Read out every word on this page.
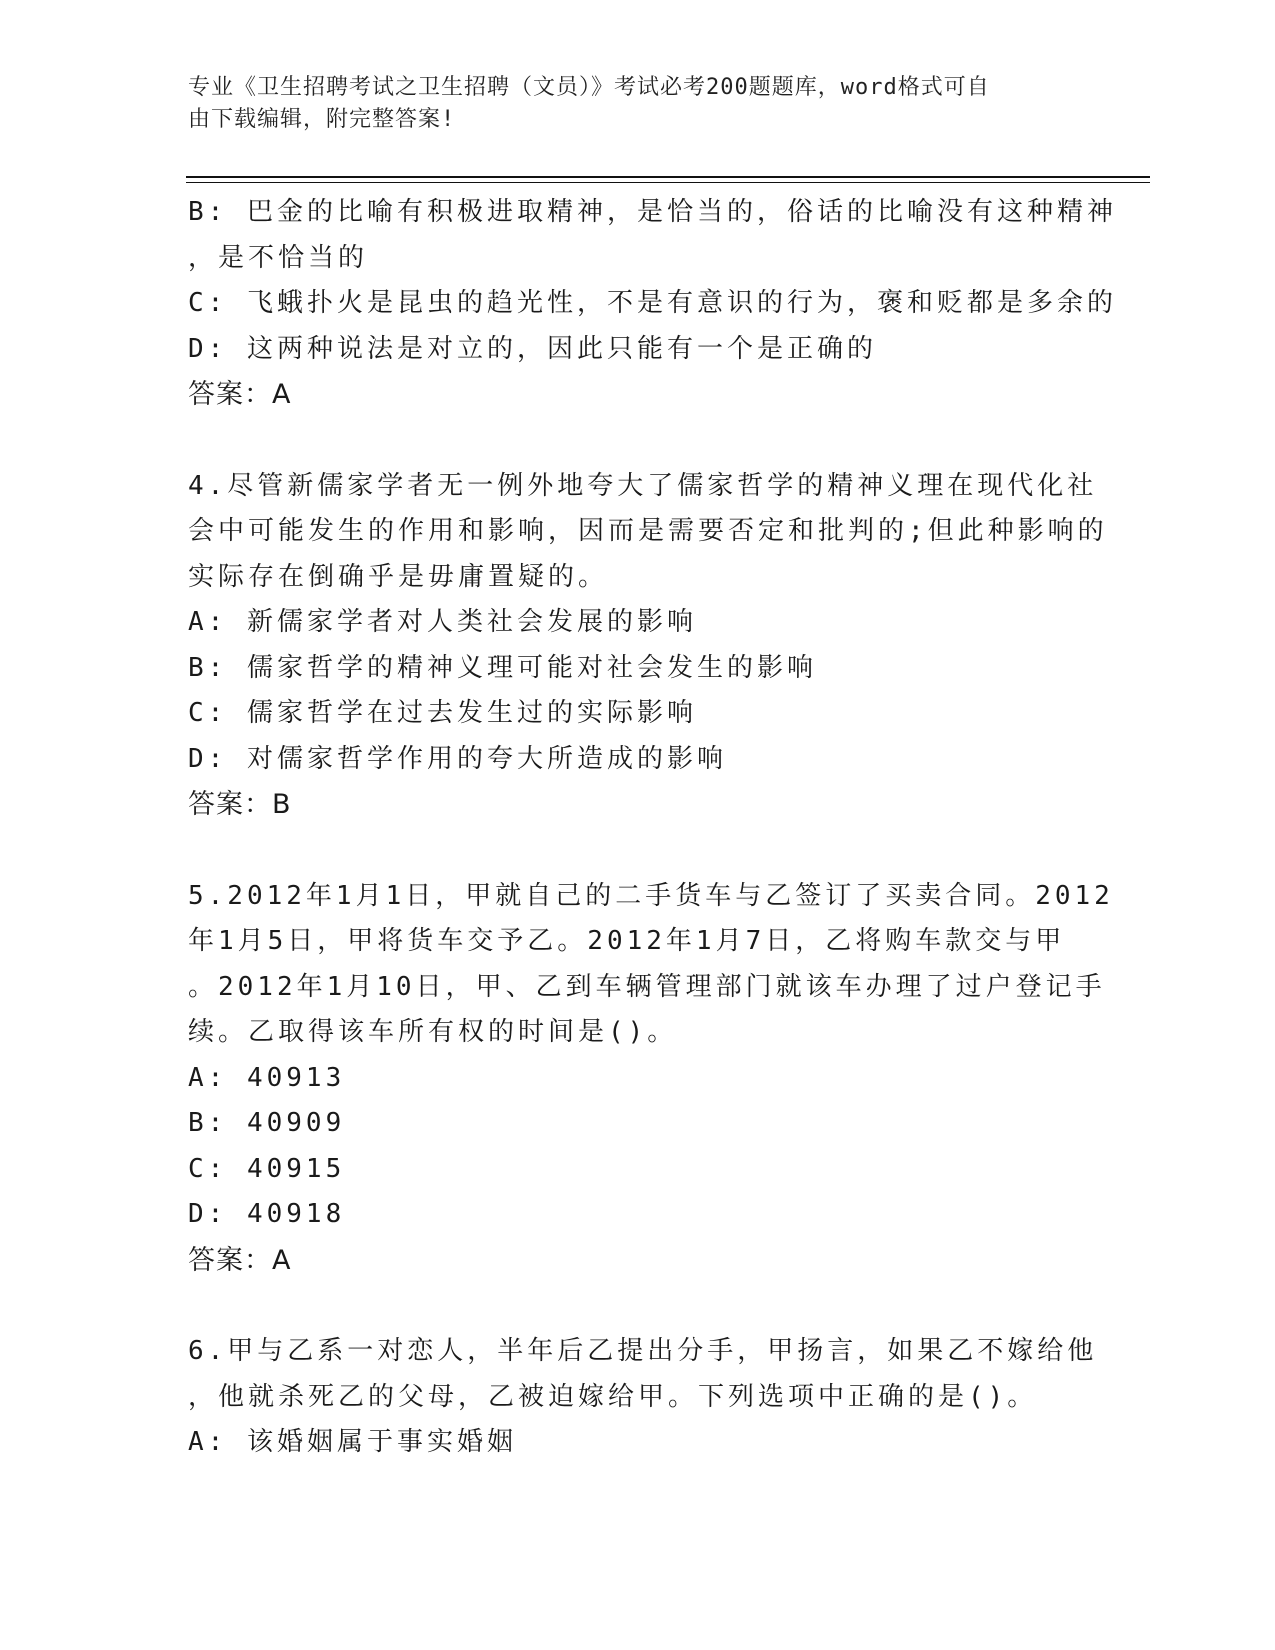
专业《卫生招聘考试之卫生招聘（文员）》考试必考200题题库，word格式可自
由下载编辑，附完整答案!
B: 巴金的比喻有积极进取精神，是恰当的，俗话的比喻没有这种精神
，是不恰当的
C: 飞蛾扑火是昆虫的趋光性，不是有意识的行为，褒和贬都是多余的
D: 这两种说法是对立的，因此只能有一个是正确的
答案：A
4.尽管新儒家学者无一例外地夸大了儒家哲学的精神义理在现代化社
会中可能发生的作用和影响，因而是需要否定和批判的;但此种影响的
实际存在倒确乎是毋庸置疑的。
A: 新儒家学者对人类社会发展的影响
B: 儒家哲学的精神义理可能对社会发生的影响
C: 儒家哲学在过去发生过的实际影响
D: 对儒家哲学作用的夸大所造成的影响
答案：B
5.2012年1月1日，甲就自己的二手货车与乙签订了买卖合同。2012
年1月5日，甲将货车交予乙。2012年1月7日，乙将购车款交与甲
。2012年1月10日，甲、乙到车辆管理部门就该车办理了过户登记手
续。乙取得该车所有权的时间是()。
A: 40913
B: 40909
C: 40915
D: 40918
答案：A
6.甲与乙系一对恋人，半年后乙提出分手，甲扬言，如果乙不嫁给他
，他就杀死乙的父母，乙被迫嫁给甲。下列选项中正确的是()。
A: 该婚姻属于事实婚姻
